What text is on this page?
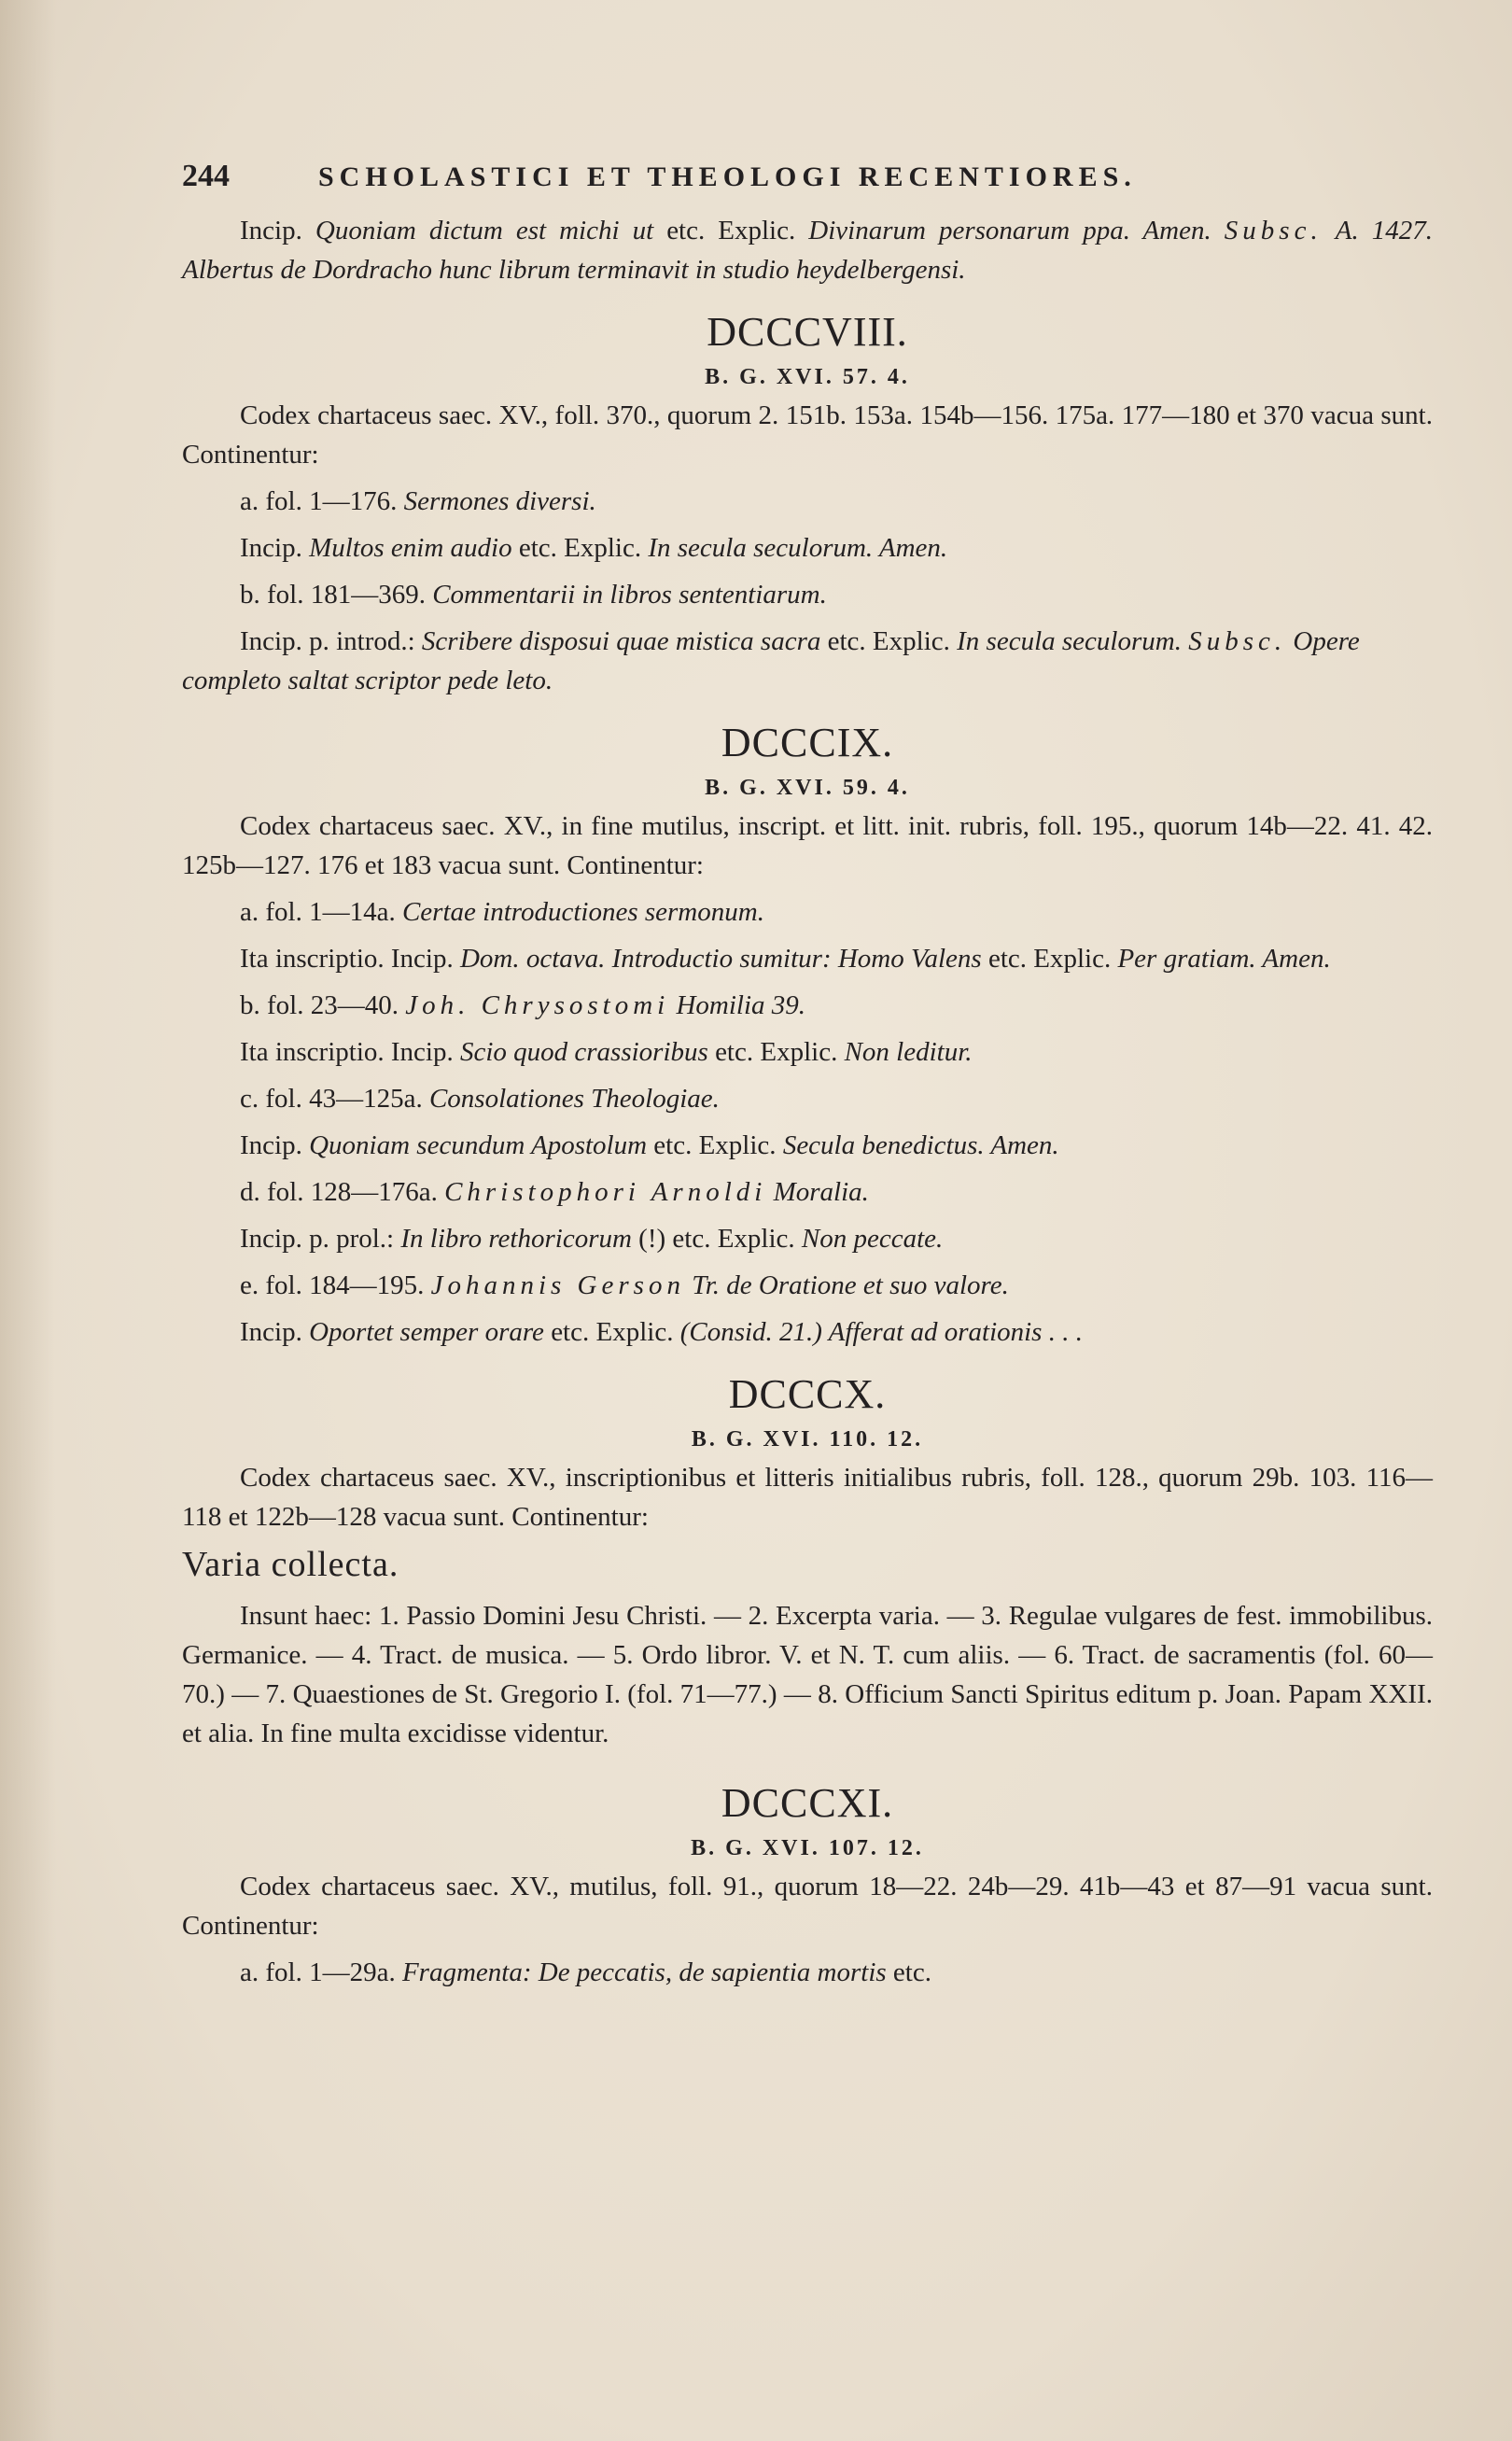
244	SCHOLASTICI ET THEOLOGI RECENTIORES.

Incip. Quoniam dictum est michi ut etc. Explic. Divinarum personarum ppa. Amen. Subsc. A. 1427. Albertus de Dordracho hunc librum terminavit in studio heydelbergensi.

DCCCVIII.
B. G. XVI. 57. 4.

Codex chartaceus saec. XV., foll. 370., quorum 2. 151b. 153a. 154b—156. 175a. 177—180 et 370 vacua sunt. Continentur:

a. fol. 1—176. Sermones diversi.

Incip. Multos enim audio etc. Explic. In secula seculorum. Amen.

b. fol. 181—369. Commentarii in libros sententiarum.

Incip. p. introd.: Scribere disposui quae mistica sacra etc. Explic. In secula seculorum. Subsc. Opere completo saltat scriptor pede leto.

DCCCIX.
B. G. XVI. 59. 4.

Codex chartaceus saec. XV., in fine mutilus, inscript. et litt. init. rubris, foll. 195., quorum 14b—22. 41. 42. 125b—127. 176 et 183 vacua sunt. Continentur:

a. fol. 1—14a. Certae introductiones sermonum.

Ita inscriptio. Incip. Dom. octava. Introductio sumitur: Homo Valens etc. Explic. Per gratiam. Amen.

b. fol. 23—40. Joh. Chrysostomi Homilia 39.

Ita inscriptio. Incip. Scio quod crassioribus etc. Explic. Non leditur.

c. fol. 43—125a. Consolationes Theologiae.

Incip. Quoniam secundum Apostolum etc. Explic. Secula benedictus. Amen.

d. fol. 128—176a. Christophori Arnoldi Moralia.

Incip. p. prol.: In libro rethoricorum (!) etc. Explic. Non peccate.

e. fol. 184—195. Johannis Gerson Tr. de Oratione et suo valore.

Incip. Oportet semper orare etc. Explic. (Consid. 21.) Afferat ad orationis . . .

DCCCX.
B. G. XVI. 110. 12.

Codex chartaceus saec. XV., inscriptionibus et litteris initialibus rubris, foll. 128., quorum 29b. 103. 116—118 et 122b—128 vacua sunt. Continentur:

Varia collecta.

Insunt haec: 1. Passio Domini Jesu Christi. — 2. Excerpta varia. — 3. Regulae vulgares de fest. immobilibus. Germanice. — 4. Tract. de musica. — 5. Ordo libror. V. et N. T. cum aliis. — 6. Tract. de sacramentis (fol. 60—70.) — 7. Quaestiones de St. Gregorio I. (fol. 71—77.) — 8. Officium Sancti Spiritus editum p. Joan. Papam XXII. et alia. In fine multa excidisse videntur.

DCCCXI.
B. G. XVI. 107. 12.

Codex chartaceus saec. XV., mutilus, foll. 91., quorum 18—22. 24b—29. 41b—43 et 87—91 vacua sunt. Continentur:

a. fol. 1—29a. Fragmenta: De peccatis, de sapientia mortis etc.
